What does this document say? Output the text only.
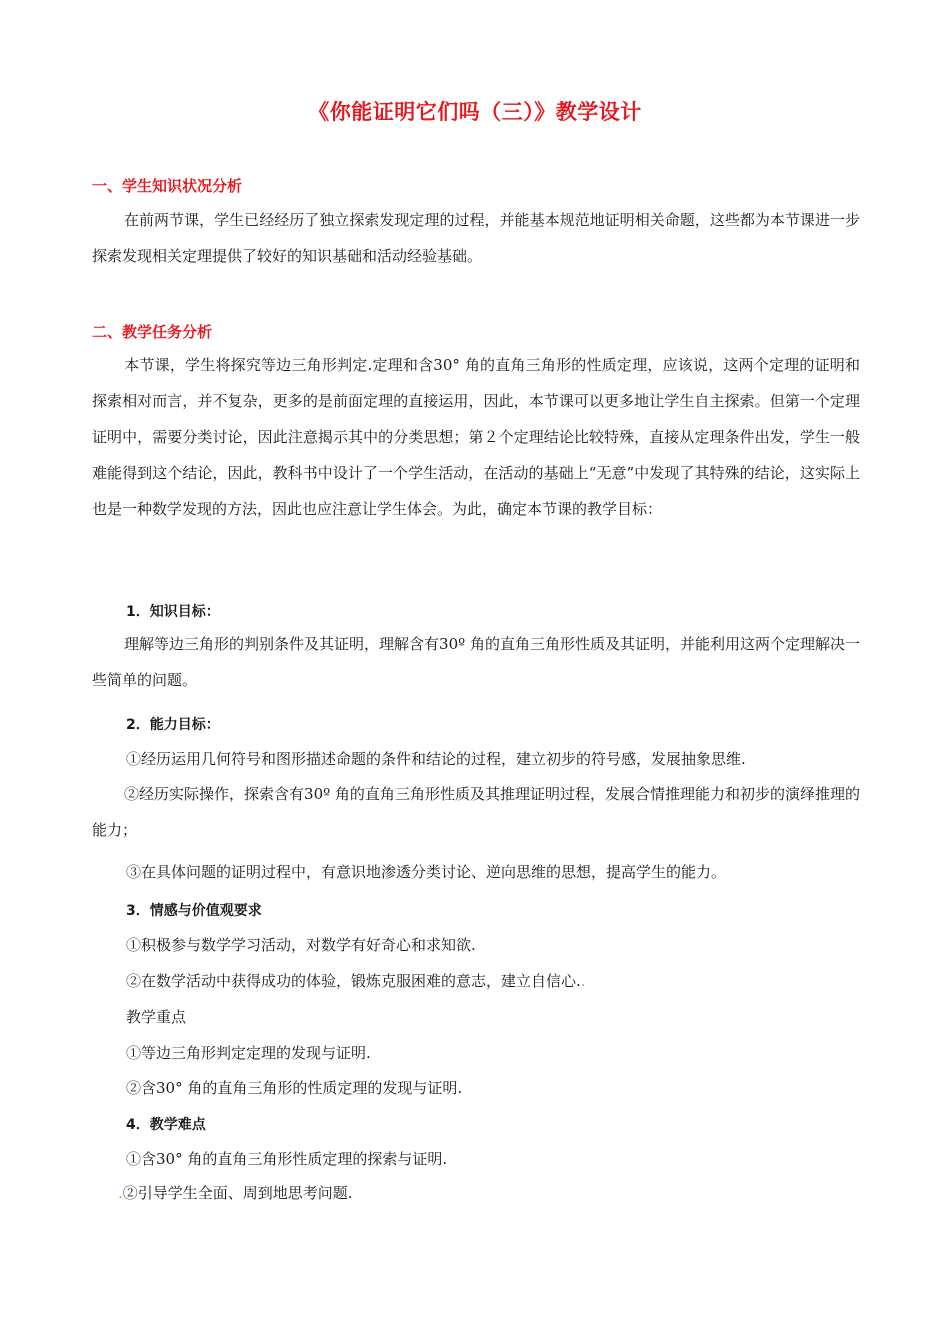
《你能证明它们吗（三）》教学设计
一、学生知识状况分析
在前两节课，学生已经经历了独立探索发现定理的过程，并能基本规范地证明相关命题，这些都为本节课进一步探索发现相关定理提供了较好的知识基础和活动经验基础。
二、教学任务分析
本节课，学生将探究等边三角形判定.定理和含30° 角的直角三角形的性质定理，应该说，这两个定理的证明和探索相对而言，并不复杂，更多的是前面定理的直接运用，因此，本节课可以更多地让学生自主探索。但第一个定理证明中，需要分类讨论，因此注意揭示其中的分类思想；第２个定理结论比较特殊，直接从定理条件出发，学生一般难能得到这个结论，因此，教科书中设计了一个学生活动，在活动的基础上“无意”中发现了其特殊的结论，这实际上也是一种数学发现的方法，因此也应注意让学生体会。为此，确定本节课的教学目标：
1．知识目标：
理解等边三角形的判别条件及其证明，理解含有30º 角的直角三角形性质及其证明，并能利用这两个定理解决一些简单的问题。
2．能力目标：
①经历运用几何符号和图形描述命题的条件和结论的过程，建立初步的符号感，发展抽象思维.
②经历实际操作，探索含有30º 角的直角三角形性质及其推理证明过程，发展合情推理能力和初步的演绎推理的能力；
③在具体问题的证明过程中，有意识地渗透分类讨论、逆向思维的思想，提高学生的能力。
3．情感与价值观要求
①积极参与数学学习活动，对数学有好奇心和求知欲.
②在数学活动中获得成功的体验，锻炼克服困难的意志，建立自信心..
教学重点
①等边三角形判定定理的发现与证明.
②含30° 角的直角三角形的性质定理的发现与证明.
4．教学难点
①含30° 角的直角三角形性质定理的探索与证明.
.②引导学生全面、周到地思考问题.
